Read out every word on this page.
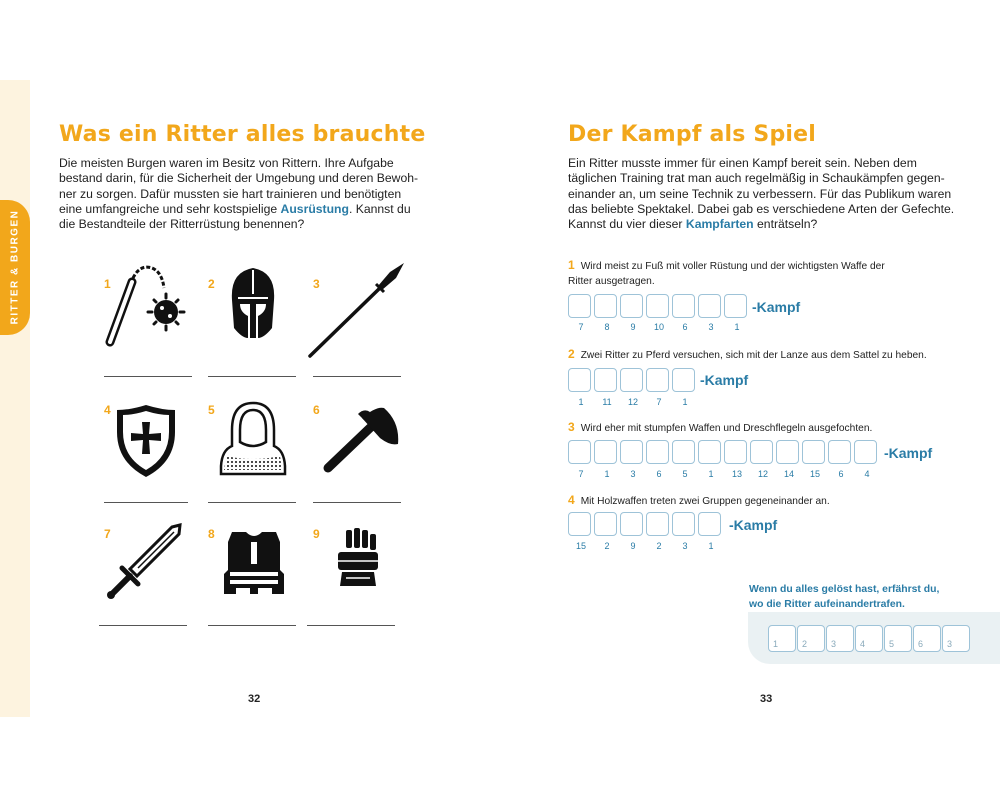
RITTER & BURGEN
Was ein Ritter alles brauchte
Die meisten Burgen waren im Besitz von Rittern. Ihre Aufgabe
bestand darin, für die Sicherheit der Umgebung und deren Bewoh-
ner zu sorgen. Dafür mussten sie hart trainieren und benötigten
eine umfangreiche und sehr kostspielige Ausrüstung. Kannst du
die Bestandteile der Ritterrüstung benennen?
1	2	3
4	5	6
7	8	9
32
Der Kampf als Spiel
Ein Ritter musste immer für einen Kampf bereit sein. Neben dem
täglichen Training trat man auch regelmäßig in Schaukämpfen gegen-
einander an, um seine Technik zu verbessern. Für das Publikum waren
das beliebte Spektakel. Dabei gab es verschiedene Arten der Gefechte.
Kannst du vier dieser Kampfarten enträtseln?
1 Wird meist zu Fuß mit voller Rüstung und der wichtigsten Waffe der
Ritter ausgetragen.
-Kampf
7	8	9	10	6	3	1
2 Zwei Ritter zu Pferd versuchen, sich mit der Lanze aus dem Sattel zu heben.
-Kampf
1	11	12	7	1
3 Wird eher mit stumpfen Waffen und Dreschflegeln ausgefochten.
-Kampf
7	1	3	6	5	1	13	12	14	15	6	4
4 Mit Holzwaffen treten zwei Gruppen gegeneinander an.
-Kampf
15	2	9	2	3	1
Wenn du alles gelöst hast, erfährst du,
wo die Ritter aufeinandertrafen.
1	2	3	4	5	6	3
33
